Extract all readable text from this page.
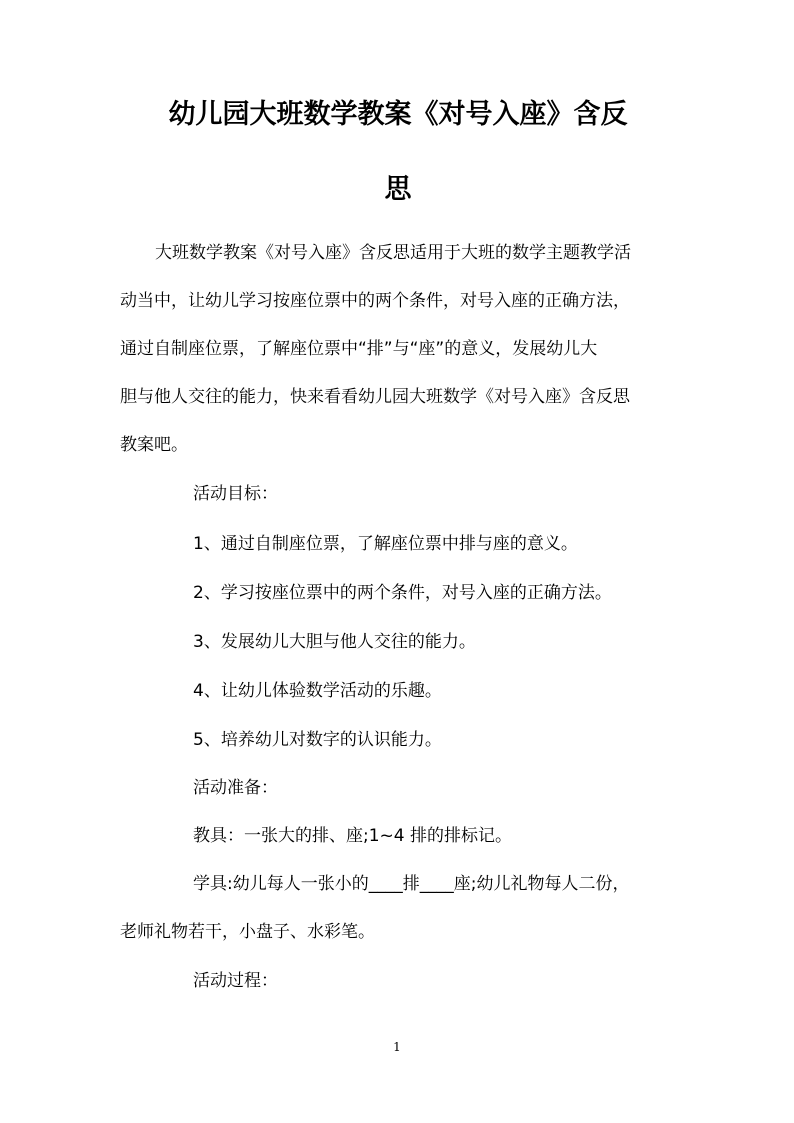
幼儿园大班数学教案《对号入座》含反
思
大班数学教案《对号入座》含反思适用于大班的数学主题教学活
动当中，让幼儿学习按座位票中的两个条件，对号入座的正确方法，
通过自制座位票，了解座位票中“排”与“座”的意义，发展幼儿大
胆与他人交往的能力，快来看看幼儿园大班数学《对号入座》含反思
教案吧。
活动目标：
1、通过自制座位票，了解座位票中排与座的意义。
2、学习按座位票中的两个条件，对号入座的正确方法。
3、发展幼儿大胆与他人交往的能力。
4、让幼儿体验数学活动的乐趣。
5、培养幼儿对数字的认识能力。
活动准备：
教具：一张大的排、座;1~4 排的排标记。
学具:幼儿每人一张小的____排____座;幼儿礼物每人二份，
老师礼物若干，小盘子、水彩笔。
活动过程：
1
